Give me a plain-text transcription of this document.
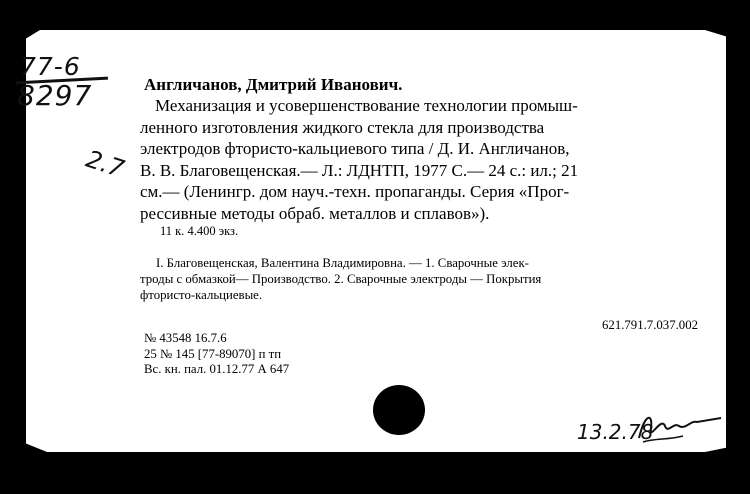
77-6
8297
2.7
Англичанов, Дмитрий Иванович.
Механизация и усовершенствование технологии промыш-
ленного изготовления жидкого стекла для производства
электродов фтористо-кальциевого типа / Д. И. Англичанов,
В. В. Благовещенская.— Л.: ЛДНТП, 1977 С.— 24 с.: ил.; 21
см.— (Ленингр. дом науч.-техн. пропаганды. Серия «Прог-
рессивные методы обраб. металлов и сплавов»).
11 к. 4.400 экз.
I. Благовещенская, Валентина Владимировна. — 1. Сварочные элек-
троды с обмазкой— Производство. 2. Сварочные электроды — Покрытия
фтористо-кальциевые.
621.791.7.037.002
№ 43548 16.7.6
25 № 145 [77-89070] п тп
Вс. кн. пал. 01.12.77 А 647
13.2.78
